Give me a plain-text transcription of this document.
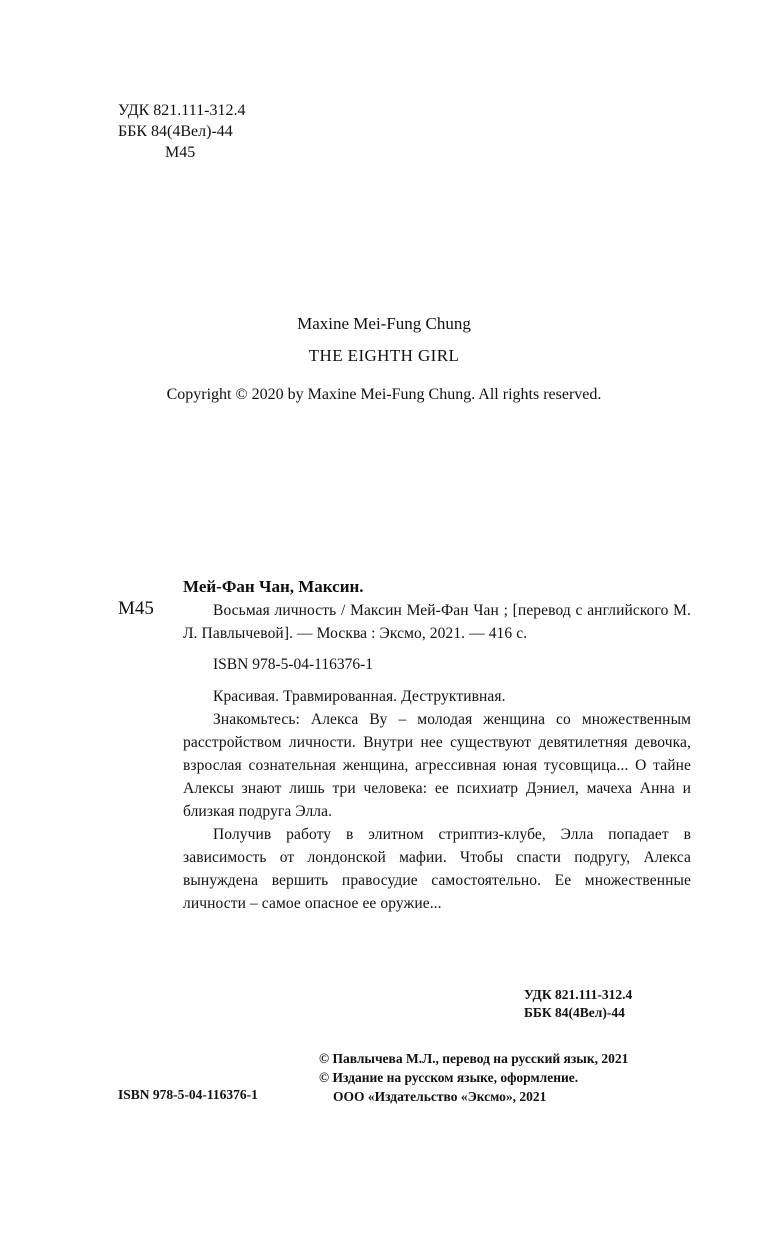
УДК 821.111-312.4
ББК 84(4Вел)-44
М45
Maxine Mei-Fung Chung
THE EIGHTH GIRL
Copyright © 2020 by Maxine Mei-Fung Chung. All rights reserved.
М45
Мей-Фан Чан, Максин.

Восьмая личность / Максин Мей-Фан Чан ; [перевод с английского М. Л. Павлычевой]. — Москва : Эксмо, 2021. — 416 с.

ISBN 978-5-04-116376-1

Красивая. Травмированная. Деструктивная.

Знакомьтесь: Алекса Ву – молодая женщина со множественным расстройством личности. Внутри нее существуют девятилетняя девочка, взрослая сознательная женщина, агрессивная юная тусовщица... О тайне Алексы знают лишь три человека: ее психиатр Дэниел, мачеха Анна и близкая подруга Элла.

Получив работу в элитном стриптиз-клубе, Элла попадает в зависимость от лондонской мафии. Чтобы спасти подругу, Алекса вынуждена вершить правосудие самостоятельно. Ее множественные личности – самое опасное ее оружие...

УДК 821.111-312.4
ББК 84(4Вел)-44
© Павлычева М.Л., перевод на русский язык, 2021
© Издание на русском языке, оформление.
ООО «Издательство «Эксмо», 2021
ISBN 978-5-04-116376-1
